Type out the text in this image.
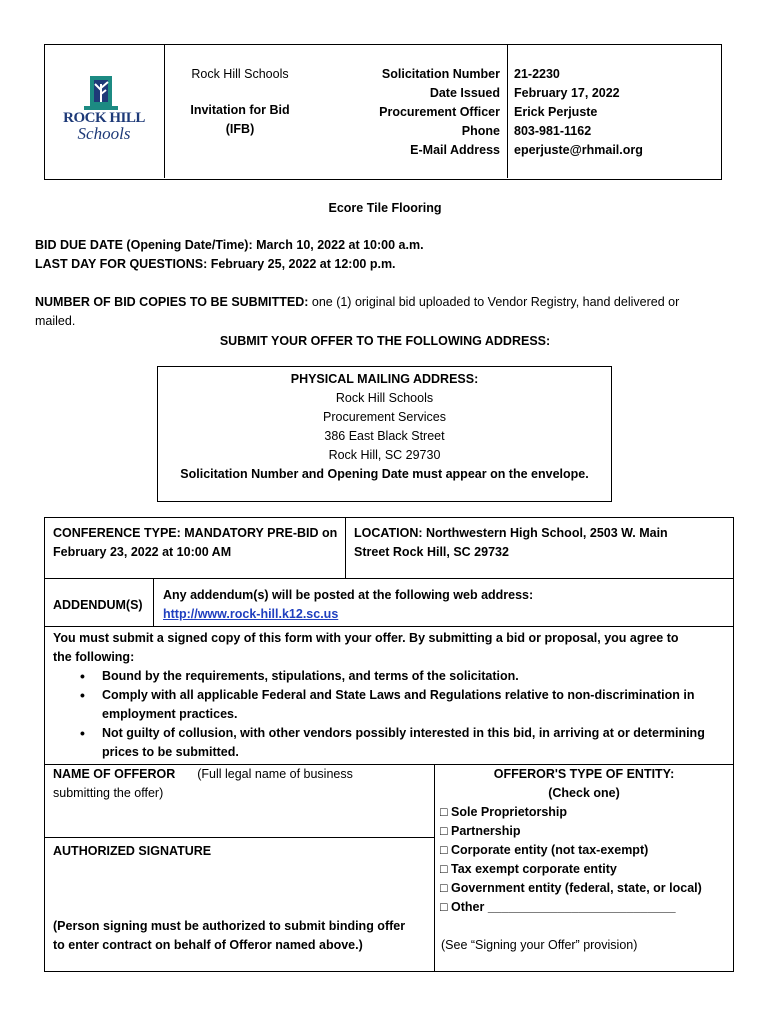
ROCK HILL
Schools
Rock Hill Schools
Invitation for Bid
(IFB)
Solicitation Number
Date Issued
Procurement Officer
Phone
E-Mail Address
21-2230
February 17, 2022
Erick Perjuste
803-981-1162
eperjuste@rhmail.org
Ecore Tile Flooring
BID DUE DATE (Opening Date/Time): March 10, 2022 at 10:00 a.m.
LAST DAY FOR QUESTIONS: February 25, 2022 at 12:00 p.m.
NUMBER OF BID COPIES TO BE SUBMITTED: one (1) original bid uploaded to Vendor Registry, hand delivered or
mailed.
SUBMIT YOUR OFFER TO THE FOLLOWING ADDRESS:
PHYSICAL MAILING ADDRESS:
Rock Hill Schools
Procurement Services
386 East Black Street
Rock Hill, SC 29730
Solicitation Number and Opening Date must appear on the envelope.
CONFERENCE TYPE: MANDATORY PRE-BID on
February 23, 2022 at 10:00 AM
LOCATION: Northwestern High School, 2503 W. Main
Street Rock Hill, SC 29732
ADDENDUM(S)
Any addendum(s) will be posted at the following web address:
http://www.rock-hill.k12.sc.us
You must submit a signed copy of this form with your offer. By submitting a bid or proposal, you agree to
the following:
• Bound by the requirements, stipulations, and terms of the solicitation.
• Comply with all applicable Federal and State Laws and Regulations relative to non-discrimination in
employment practices.
• Not guilty of collusion, with other vendors possibly interested in this bid, in arriving at or determining
prices to be submitted.
NAME OF OFFEROR (Full legal name of business
submitting the offer)
AUTHORIZED SIGNATURE
(Person signing must be authorized to submit binding offer
to enter contract on behalf of Offeror named above.)
OFFEROR'S TYPE OF ENTITY:
(Check one)
□ Sole Proprietorship
□ Partnership
□ Corporate entity (not tax-exempt)
□ Tax exempt corporate entity
□ Government entity (federal, state, or local)
□ Other ___________________________
(See “Signing your Offer” provision)
